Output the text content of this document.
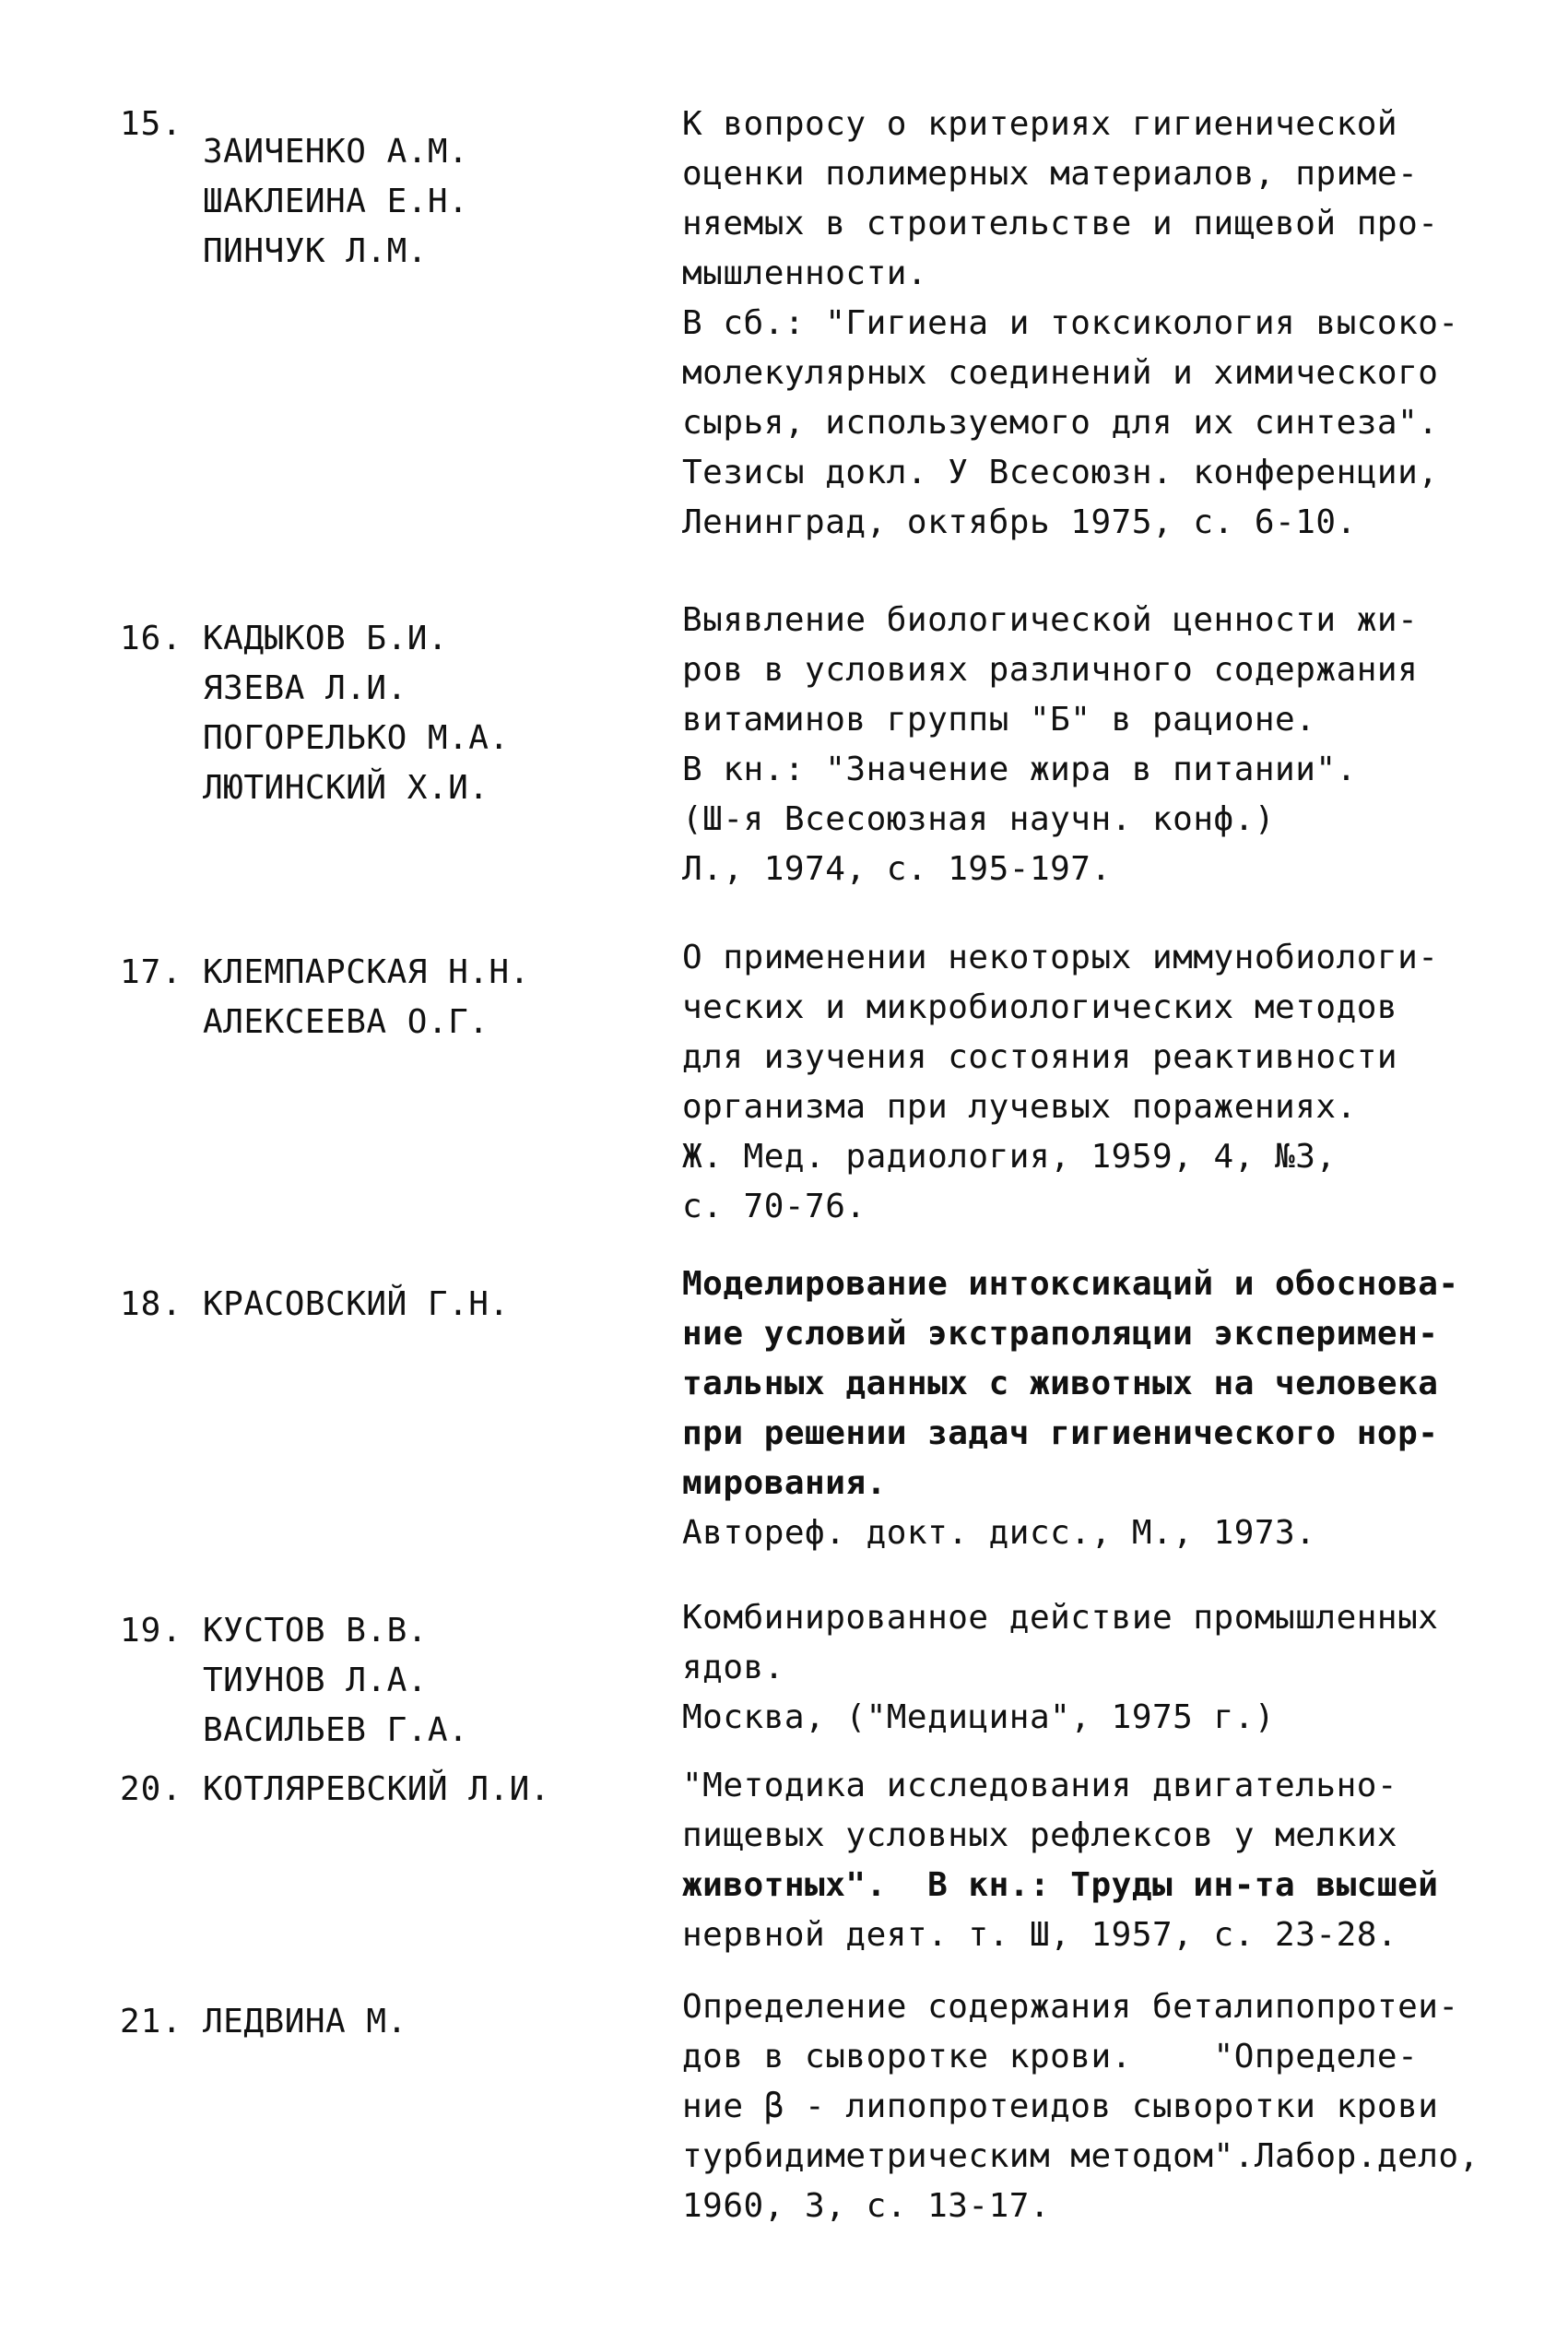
15.
ЗАИЧЕНКО А.М.
ШАКЛЕИНА Е.Н.
ПИНЧУК Л.М.
К вопросу о критериях гигиенической
оценки полимерных материалов, приме-
няемых в строительстве и пищевой про-
мышленности.
В сб.: "Гигиена и токсикология высоко-
молекулярных соединений и химического
сырья, используемого для их синтеза".
Тезисы докл. У Всесоюзн. конференции,
Ленинград, октябрь 1975, с. 6-10.
16. КАДЫКОВ Б.И.
ЯЗЕВА Л.И.
ПОГОРЕЛЬКО М.А.
ЛЮТИНСКИЙ Х.И.
Выявление биологической ценности жи-
ров в условиях различного содержания
витаминов группы "Б" в рационе.
В кн.: "Значение жира в питании".
(Ш-я Всесоюзная научн. конф.)
Л., 1974, с. 195-197.
17. КЛЕМПАРСКАЯ Н.Н.
АЛЕКСЕЕВА О.Г.
О применении некоторых иммунобиологи-
ческих и микробиологических методов
для изучения состояния реактивности
организма при лучевых поражениях.
Ж. Мед. радиология, 1959, 4, №3,
с. 70-76.
18. КРАСОВСКИЙ Г.Н.
Моделирование интоксикаций и обоснова-
ние условий экстраполяции эксперимен-
тальных данных с животных на человека
при решении задач гигиенического нор-
мирования.
Автореф. докт. дисс., М., 1973.
19. КУСТОВ В.В.
ТИУНОВ Л.А.
ВАСИЛЬЕВ Г.А.
Комбинированное действие промышленных
ядов.
Москва, ("Медицина", 1975 г.)
20. КОТЛЯРЕВСКИЙ Л.И.	"Методика исследования двигательно-
пищевых условных рефлексов у мелких
животных".  В кн.: Труды ин-та высшей
нервной деят. т. Ш, 1957, с. 23-28.
21. ЛЕДВИНА М.	Определение содержания беталипопротеи-
дов в сыворотке крови.    "Определе-
ние β - липопротеидов сыворотки крови
турбидиметрическим методом".Лабор.дело,
1960, 3, с. 13-17.
